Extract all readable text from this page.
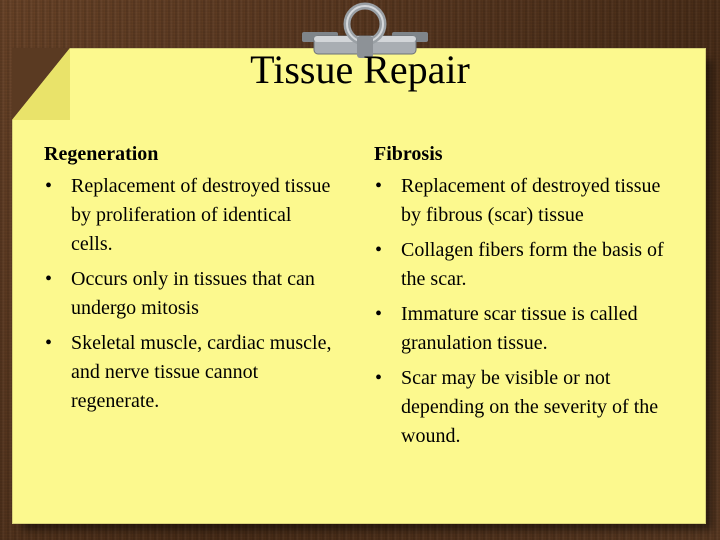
Tissue Repair

Regeneration

• Replacement of destroyed tissue by proliferation of identical cells.
• Occurs only in tissues that can undergo mitosis
• Skeletal muscle, cardiac muscle, and nerve tissue cannot regenerate.

Fibrosis

• Replacement of destroyed tissue by fibrous (scar) tissue
• Collagen fibers form the basis of the scar.
• Immature scar tissue is called granulation tissue.
• Scar may be visible or not depending on the severity of the wound.
